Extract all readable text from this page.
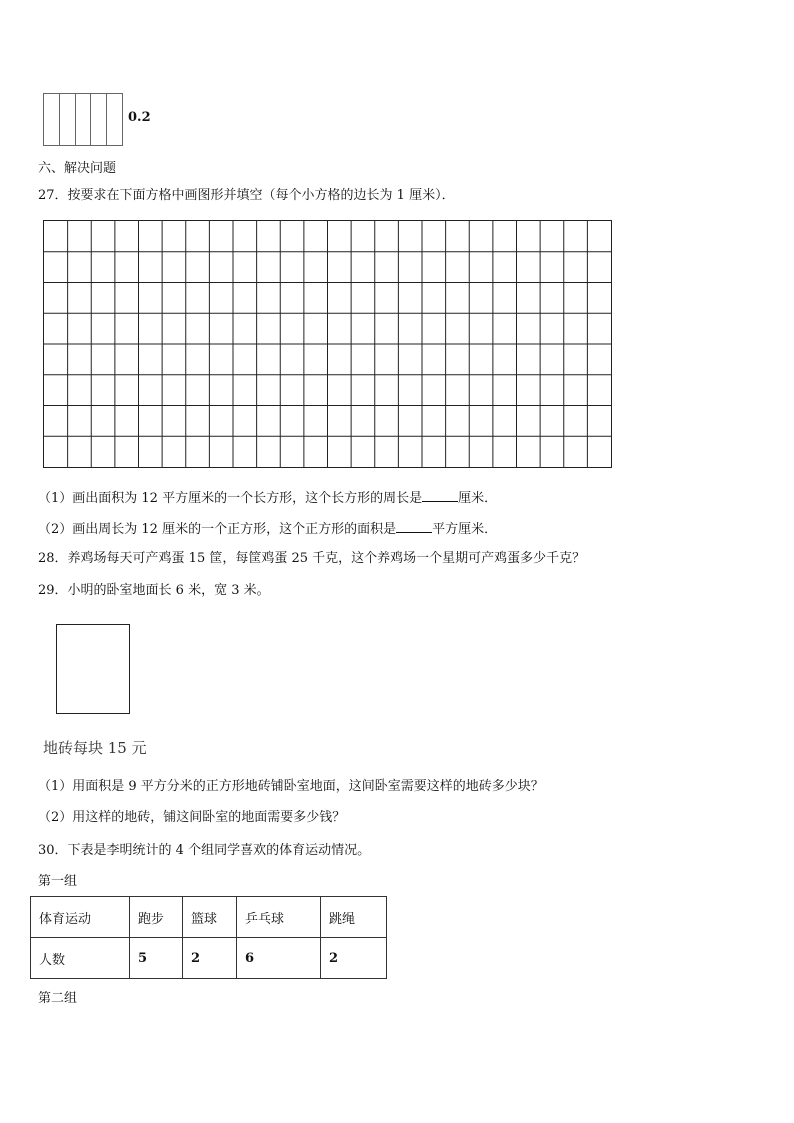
0.2
六、解决问题
27．按要求在下面方格中画图形并填空（每个小方格的边长为 1 厘米）．
（1）画出面积为 12 平方厘米的一个长方形，这个长方形的周长是	厘米．
（2）画出周长为 12 厘米的一个正方形，这个正方形的面积是	平方厘米．
28．养鸡场每天可产鸡蛋 15 筐，每筐鸡蛋 25 千克，这个养鸡场一个星期可产鸡蛋多少千克？
29．小明的卧室地面长 6 米，宽 3 米。
地砖每块 15 元
（1）用面积是 9 平方分米的正方形地砖铺卧室地面，这间卧室需要这样的地砖多少块？
（2）用这样的地砖，铺这间卧室的地面需要多少钱？
30．下表是李明统计的 4 个组同学喜欢的体育运动情况。
第一组
体育运动	跑步	篮球	乒乓球	跳绳
人数	5	2	6	2
第二组
